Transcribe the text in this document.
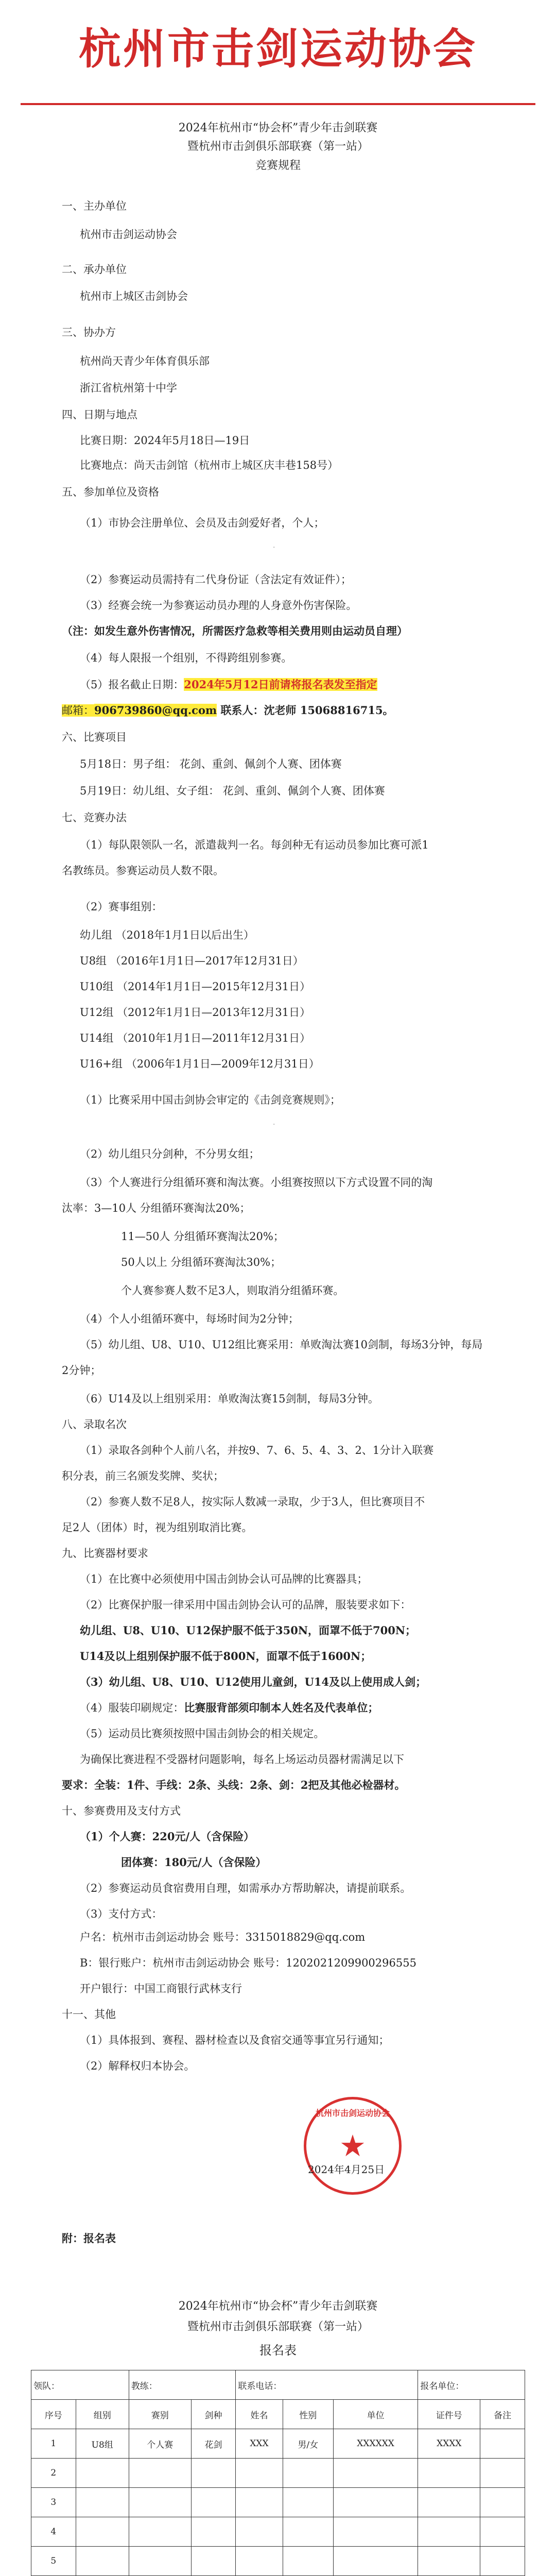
杭州市击剑运动协会
2024年杭州市“协会杯”青少年击剑联赛
暨杭州市击剑俱乐部联赛（第一站）
竞赛规程
一、主办单位
杭州市击剑运动协会
二、承办单位
杭州市上城区击剑协会
三、协办方
杭州尚天青少年体育俱乐部
浙江省杭州第十中学
四、日期与地点
比赛日期：2024年5月18日—19日
比赛地点：尚天击剑馆（杭州市上城区庆丰巷158号）
五、参加单位及资格
（1）市协会注册单位、会员及击剑爱好者，个人；
·
（2）参赛运动员需持有二代身份证（含法定有效证件）；
（3）经赛会统一为参赛运动员办理的人身意外伤害保险。
（注：如发生意外伤害情况，所需医疗急救等相关费用则由运动员自理）
（4）每人限报一个组别，不得跨组别参赛。
（5）报名截止日期：2024年5月12日前请将报名表发至指定
邮箱：906739860@qq.com 联系人：沈老师 15068816715。
六、比赛项目
5月18日：男子组： 花剑、重剑、佩剑个人赛、团体赛
5月19日：幼儿组、女子组： 花剑、重剑、佩剑个人赛、团体赛
七、竞赛办法
（1）每队限领队一名，派遣裁判一名。每剑种无有运动员参加比赛可派1
名教练员。参赛运动员人数不限。
（2）赛事组别：
幼儿组 （2018年1月1日以后出生）
U8组 （2016年1月1日—2017年12月31日）
U10组 （2014年1月1日—2015年12月31日）
U12组 （2012年1月1日—2013年12月31日）
U14组 （2010年1月1日—2011年12月31日）
U16+组 （2006年1月1日—2009年12月31日）
（1）比赛采用中国击剑协会审定的《击剑竞赛规则》；
·
（2）幼儿组只分剑种，不分男女组；
（3）个人赛进行分组循环赛和淘汰赛。小组赛按照以下方式设置不同的淘
汰率：3—10人 分组循环赛淘汰20%；
11—50人 分组循环赛淘汰20%；
50人以上 分组循环赛淘汰30%；
个人赛参赛人数不足3人，则取消分组循环赛。
（4）个人小组循环赛中，每场时间为2分钟；
（5）幼儿组、U8、U10、U12组比赛采用：单败淘汰赛10剑制，每场3分钟，每局
2分钟；
（6）U14及以上组别采用：单败淘汰赛15剑制，每局3分钟。
八、录取名次
（1）录取各剑种个人前八名，并按9、7、6、5、4、3、2、1分计入联赛
积分表，前三名颁发奖牌、奖状；
（2）参赛人数不足8人，按实际人数减一录取，少于3人，但比赛项目不
足2人（团体）时，视为组别取消比赛。
九、比赛器材要求
（1）在比赛中必须使用中国击剑协会认可品牌的比赛器具；
（2）比赛保护服一律采用中国击剑协会认可的品牌，服装要求如下：
幼儿组、U8、U10、U12保护服不低于350N，面罩不低于700N；
U14及以上组别保护服不低于800N，面罩不低于1600N；
（3）幼儿组、U8、U10、U12使用儿童剑，U14及以上使用成人剑；
（4）服装印刷规定：比赛服背部须印制本人姓名及代表单位；
（5）运动员比赛须按照中国击剑协会的相关规定。
为确保比赛进程不受器材问题影响，每名上场运动员器材需满足以下
要求：全装：1件、手线：2条、头线：2条、剑：2把及其他必检器材。
十、参赛费用及支付方式
（1）个人赛：220元/人（含保险）
团体赛：180元/人（含保险）
（2）参赛运动员食宿费用自理，如需承办方帮助解决，请提前联系。
（3）支付方式：
户名：杭州市击剑运动协会 账号：3315018829@qq.com
B：银行账户：杭州市击剑运动协会 账号：1202021209900296555
开户银行：中国工商银行武林支行
十一、其他
（1）具体报到、赛程、器材检查以及食宿交通等事宜另行通知；
（2）解释权归本协会。
杭州市击剑运动协会
★
2024年4月25日
附：报名表
2024年杭州市“协会杯”青少年击剑联赛
暨杭州市击剑俱乐部联赛（第一站）
报名表
领队：		教练：		联系电话：			报名单位：	
序号	组别	赛别	剑种	姓名	性别	单位	证件号	备注
1	U8组	个人赛	花剑	XXX	男/女	XXXXXX	XXXX	
2								
3								
4								
5								
